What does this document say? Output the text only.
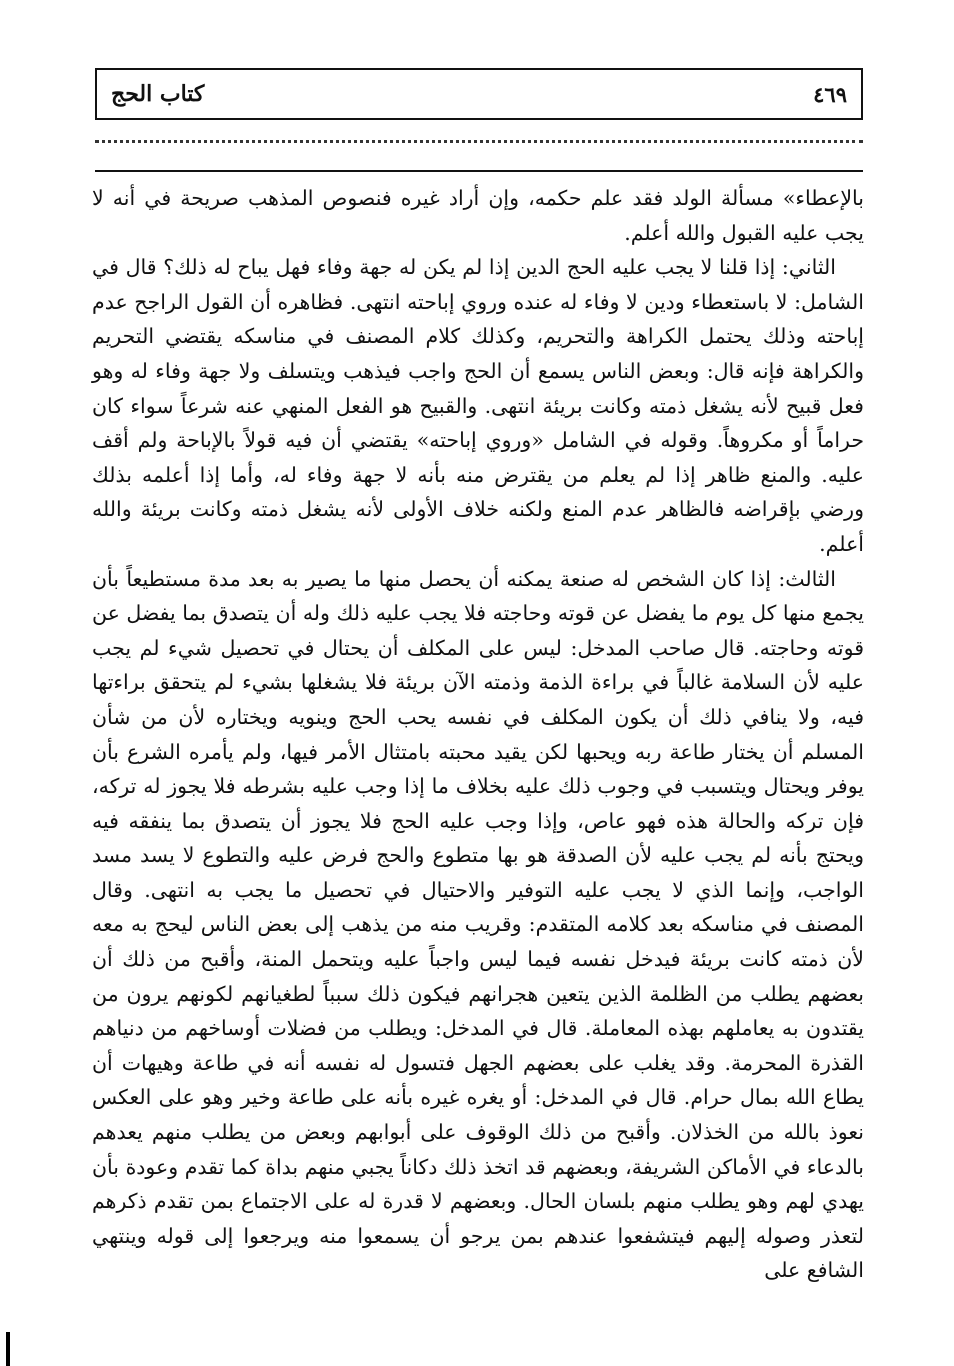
كتاب الحج	٤٦٩

بالإعطاء» مسألة الولد فقد علم حكمه، وإن أراد غيره فنصوص المذهب صريحة في أنه لا يجب عليه القبول والله أعلم.

الثاني: إذا قلنا لا يجب عليه الحج الدين إذا لم يكن له جهة وفاء فهل يباح له ذلك؟ قال في الشامل: لا باستعطاء ودين لا وفاء له عنده وروي إباحته انتهى. فظاهره أن القول الراجح عدم إباحته وذلك يحتمل الكراهة والتحريم، وكذلك كلام المصنف في مناسكه يقتضي التحريم والكراهة فإنه قال: وبعض الناس يسمع أن الحج واجب فيذهب ويتسلف ولا جهة وفاء له وهو فعل قبيح لأنه يشغل ذمته وكانت بريئة انتهى. والقبيح هو الفعل المنهي عنه شرعاً سواء كان حراماً أو مكروهاً. وقوله في الشامل «وروي إباحته» يقتضي أن فيه قولاً بالإباحة ولم أقف عليه. والمنع ظاهر إذا لم يعلم من يقترض منه بأنه لا جهة وفاء له، وأما إذا أعلمه بذلك ورضي بإقراضه فالظاهر عدم المنع ولكنه خلاف الأولى لأنه يشغل ذمته وكانت بريئة والله أعلم.

الثالث: إذا كان الشخص له صنعة يمكنه أن يحصل منها ما يصير به بعد مدة مستطيعاً بأن يجمع منها كل يوم ما يفضل عن قوته وحاجته فلا يجب عليه ذلك وله أن يتصدق بما يفضل عن قوته وحاجته. قال صاحب المدخل: ليس على المكلف أن يحتال في تحصيل شيء لم يجب عليه لأن السلامة غالباً في براءة الذمة وذمته الآن بريئة فلا يشغلها بشيء لم يتحقق براءتها فيه، ولا ينافي ذلك أن يكون المكلف في نفسه يحب الحج وينويه ويختاره لأن من شأن المسلم أن يختار طاعة ربه ويحبها لكن يقيد محبته بامتثال الأمر فيها، ولم يأمره الشرع بأن يوفر ويحتال ويتسبب في وجوب ذلك عليه بخلاف ما إذا وجب عليه بشرطه فلا يجوز له تركه، فإن تركه والحالة هذه فهو عاص، وإذا وجب عليه الحج فلا يجوز أن يتصدق بما ينفقه فيه ويحتج بأنه لم يجب عليه لأن الصدقة هو بها متطوع والحج فرض عليه والتطوع لا يسد مسد الواجب، وإنما الذي لا يجب عليه التوفير والاحتيال في تحصيل ما يجب به انتهى. وقال المصنف في مناسكه بعد كلامه المتقدم: وقريب منه من يذهب إلى بعض الناس ليحج به معه لأن ذمته كانت بريئة فيدخل نفسه فيما ليس واجباً عليه ويتحمل المنة، وأقبح من ذلك أن بعضهم يطلب من الظلمة الذين يتعين هجرانهم فيكون ذلك سبباً لطغيانهم لكونهم يرون من يقتدون به يعاملهم بهذه المعاملة. قال في المدخل: ويطلب من فضلات أوساخهم من دنياهم القذرة المحرمة. وقد يغلب على بعضهم الجهل فتسول له نفسه أنه في طاعة وهيهات أن يطاع الله بمال حرام. قال في المدخل: أو يغره غيره بأنه على طاعة وخير وهو على العكس نعوذ بالله من الخذلان. وأقبح من ذلك الوقوف على أبوابهم وبعض من يطلب منهم يعدهم بالدعاء في الأماكن الشريفة، وبعضهم قد اتخذ ذلك دكاناً يجبي منهم بداة كما تقدم وعودة بأن يهدي لهم وهو يطلب منهم بلسان الحال. وبعضهم لا قدرة له على الاجتماع بمن تقدم ذكرهم لتعذر وصوله إليهم فيتشفعوا عندهم بمن يرجو أن يسمعوا منه ويرجعوا إلى قوله وينتهي الشافع على
